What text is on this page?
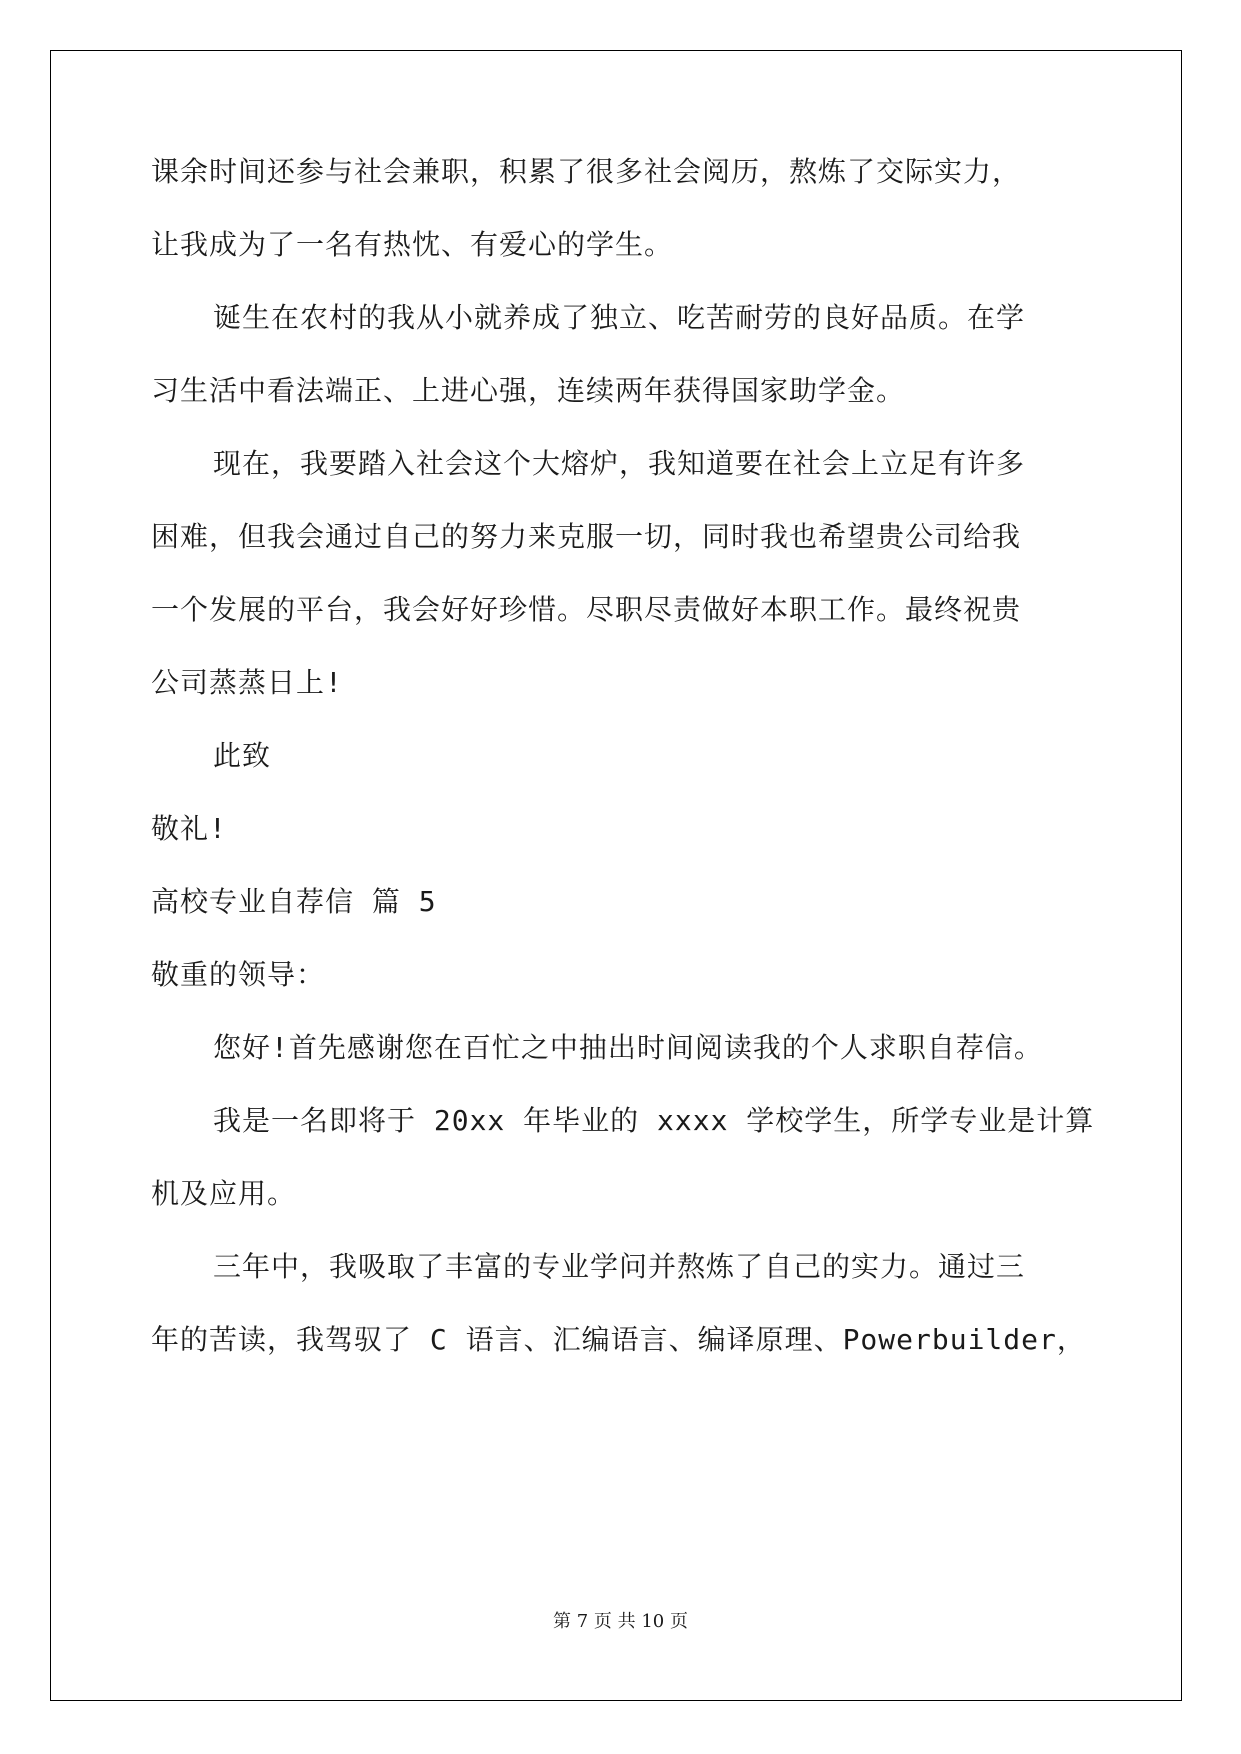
课余时间还参与社会兼职，积累了很多社会阅历，熬炼了交际实力，
让我成为了一名有热忱、有爱心的学生。
诞生在农村的我从小就养成了独立、吃苦耐劳的良好品质。在学
习生活中看法端正、上进心强，连续两年获得国家助学金。
现在，我要踏入社会这个大熔炉，我知道要在社会上立足有许多
困难，但我会通过自己的努力来克服一切，同时我也希望贵公司给我
一个发展的平台，我会好好珍惜。尽职尽责做好本职工作。最终祝贵
公司蒸蒸日上!
此致
敬礼!
高校专业自荐信 篇 5
敬重的领导：
您好!首先感谢您在百忙之中抽出时间阅读我的个人求职自荐信。
我是一名即将于 20xx 年毕业的 xxxx 学校学生，所学专业是计算
机及应用。
三年中，我吸取了丰富的专业学问并熬炼了自己的实力。通过三
年的苦读，我驾驭了 C 语言、汇编语言、编译原理、Powerbuilder，
第 7 页 共 10 页
